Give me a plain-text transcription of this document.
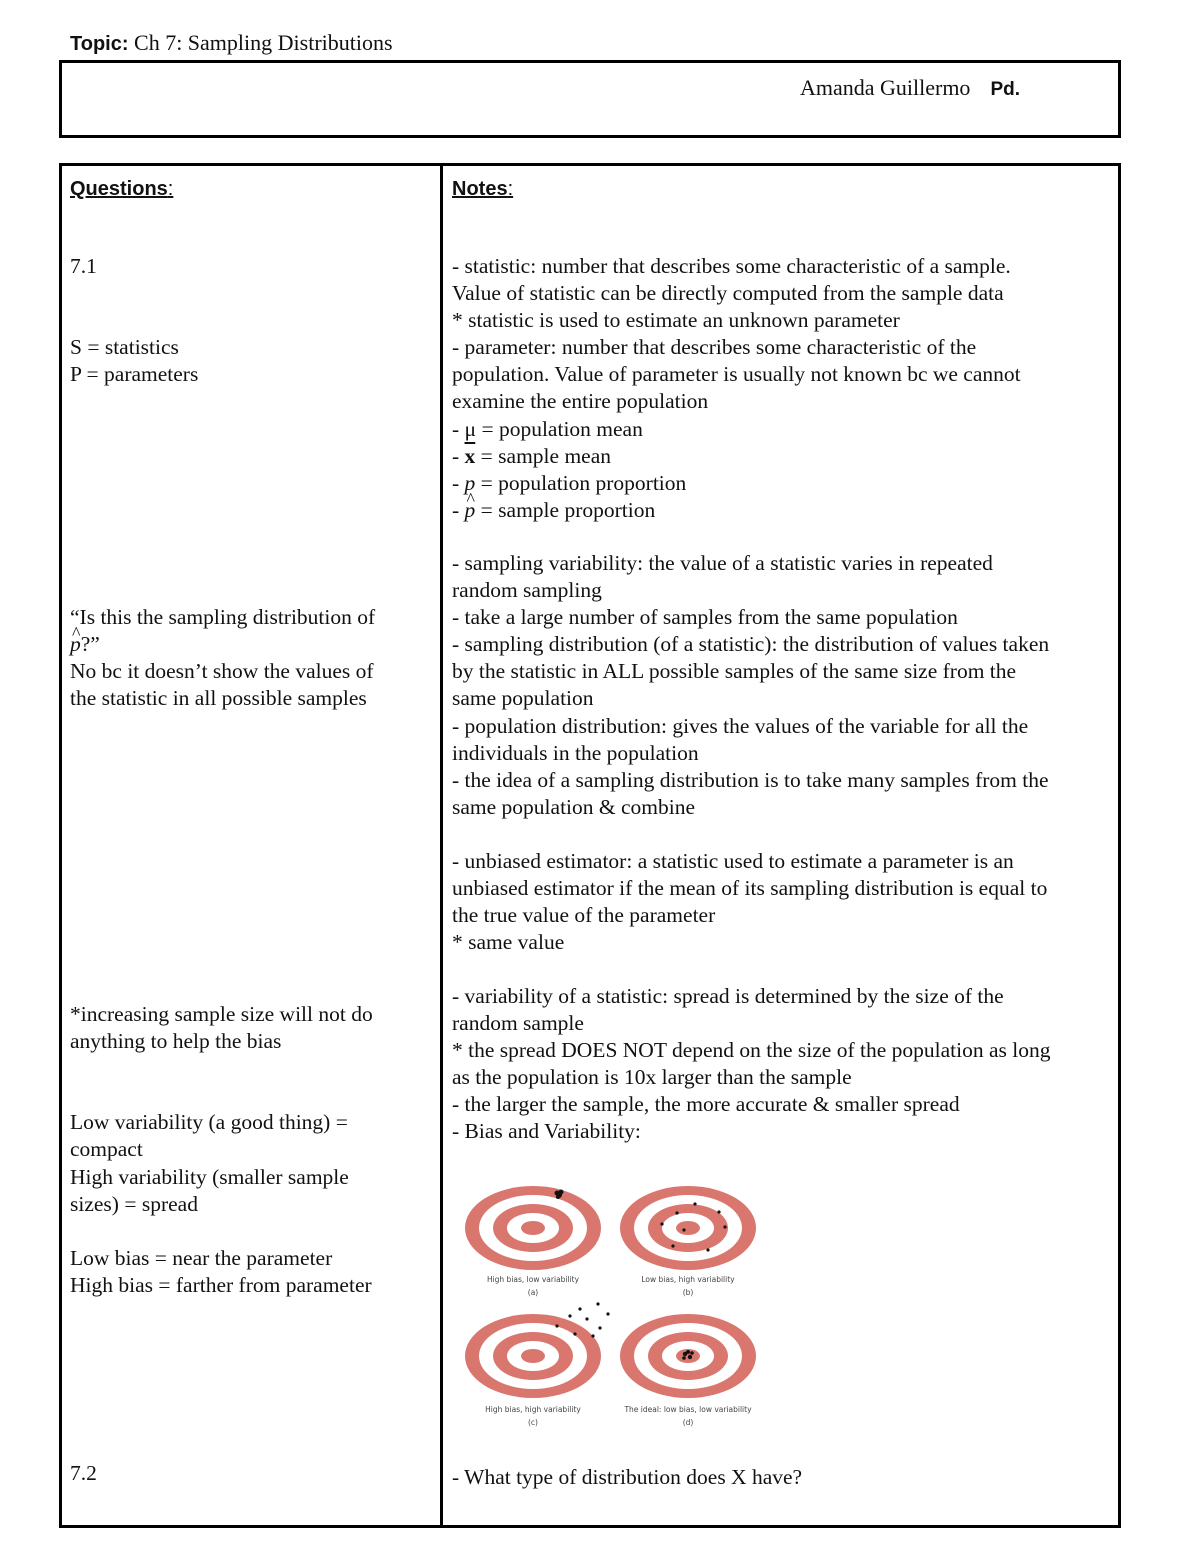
Topic: Ch 7: Sampling Distributions
Amanda Guillermo Pd.
Questions:
7.1
S = statistics
P = parameters
“Is this the sampling distribution of
^ p?”
No bc it doesn’t show the values of
the statistic in all possible samples
*increasing sample size will not do
anything to help the bias
Low variability (a good thing) =
compact
High variability (smaller sample
sizes) = spread
Low bias = near the parameter
High bias = farther from parameter
7.2
Notes:
- statistic: number that describes some characteristic of a sample.
Value of statistic can be directly computed from the sample data
* statistic is used to estimate an unknown parameter
- parameter: number that describes some characteristic of the
population. Value of parameter is usually not known bc we cannot
examine the entire population
- μ = population mean
- $\overline{x}$ = sample mean
- p = population proportion
- ^ p = sample proportion
- sampling variability: the value of a statistic varies in repeated
random sampling
- take a large number of samples from the same population
- sampling distribution (of a statistic): the distribution of values taken
by the statistic in ALL possible samples of the same size from the
same population
- population distribution: gives the values of the variable for all the
individuals in the population
- the idea of a sampling distribution is to take many samples from the
same population & combine
- unbiased estimator: a statistic used to estimate a parameter is an
unbiased estimator if the mean of its sampling distribution is equal to
the true value of the parameter
* same value
- variability of a statistic: spread is determined by the size of the
random sample
* the spread DOES NOT depend on the size of the population as long
as the population is 10x larger than the sample
- the larger the sample, the more accurate & smaller spread
- Bias and Variability:
High bias, low variability
(a)
Low bias, high variability
(b)
High bias, high variability
(c)
The ideal: low bias, low variability
(d)
- What type of distribution does X have?
